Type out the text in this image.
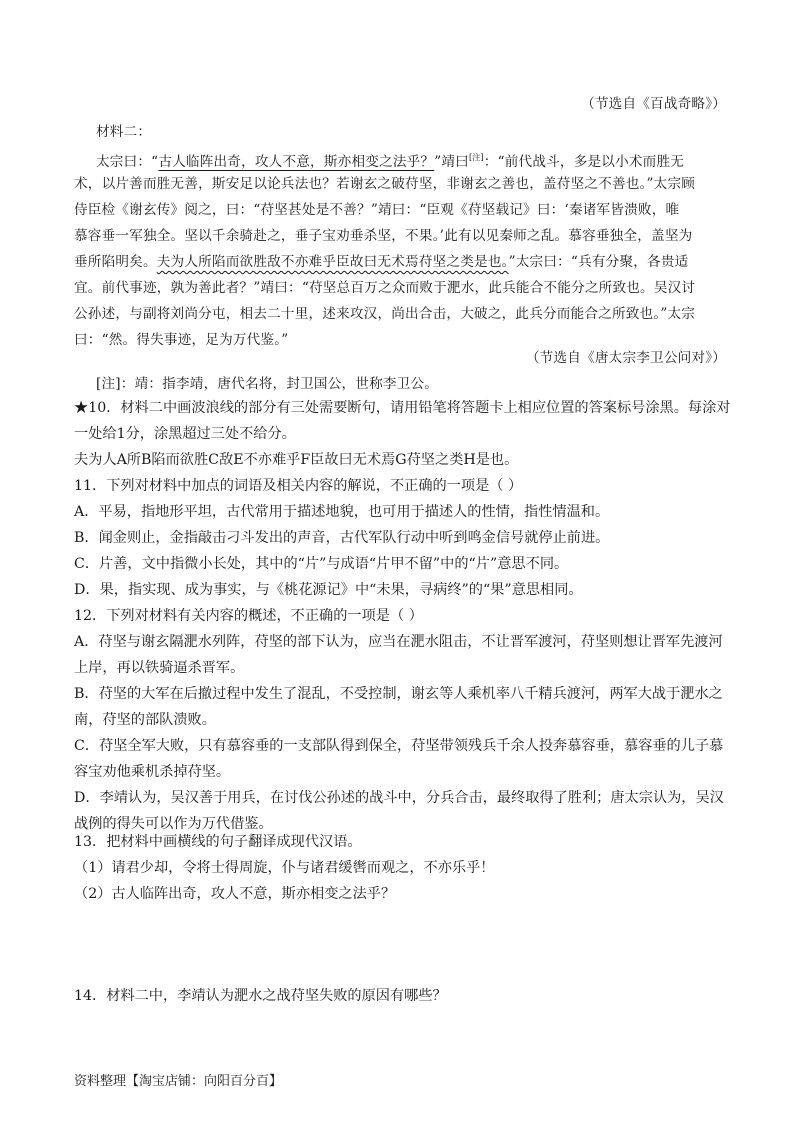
（节选自《百战奇略》）
材料二：
太宗曰：“古人临阵出奇，攻人不意，斯亦相变之法乎？”靖曰[注]：“前代战斗，多是以小术而胜无
术，以片善而胜无善，斯安足以论兵法也？若谢玄之破苻坚，非谢玄之善也，盖苻坚之不善也。”太宗顾
侍臣检《谢玄传》阅之，曰：“苻坚甚处是不善？”靖曰：“臣观《苻坚载记》曰：‘秦诸军皆溃败，唯
慕容垂一军独全。坚以千余骑赴之，垂子宝劝垂杀坚，不果。’此有以见秦师之乱。慕容垂独全，盖坚为
垂所陷明矣。夫为人所陷而欲胜敌不亦难乎臣故曰无术焉苻坚之类是也。”太宗曰：“兵有分聚，各贵适
宜。前代事迹，孰为善此者？”靖曰：“苻坚总百万之众而败于淝水，此兵能合不能分之所致也。吴汉讨
公孙述，与副将刘尚分屯，相去二十里，述来攻汉，尚出合击，大破之，此兵分而能合之所致也。”太宗
曰：“然。得失事迹，足为万代鉴。”
（节选自《唐太宗李卫公问对》）
[注]：靖：指李靖，唐代名将，封卫国公，世称李卫公。
★10．材料二中画波浪线的部分有三处需要断句，请用铅笔将答题卡上相应位置的答案标号涂黑。每涂对
一处给1分，涂黑超过三处不给分。
夫为人A所B陷而欲胜C敌E不亦难乎F臣故曰无术焉G苻坚之类H是也。
11．下列对材料中加点的词语及相关内容的解说，不正确的一项是（ ）
A．平易，指地形平坦，古代常用于描述地貌，也可用于描述人的性情，指性情温和。
B．闻金则止，金指敲击刁斗发出的声音，古代军队行动中听到鸣金信号就停止前进。
C．片善，文中指微小长处，其中的“片”与成语“片甲不留”中的“片”意思不同。
D．果，指实现、成为事实，与《桃花源记》中“未果，寻病终”的“果”意思相同。
12．下列对材料有关内容的概述，不正确的一项是（ ）
A．苻坚与谢玄隔淝水列阵，苻坚的部下认为，应当在淝水阻击，不让晋军渡河，苻坚则想让晋军先渡河
上岸，再以铁骑逼杀晋军。
B．苻坚的大军在后撤过程中发生了混乱，不受控制，谢玄等人乘机率八千精兵渡河，两军大战于淝水之
南，苻坚的部队溃败。
C．苻坚全军大败，只有慕容垂的一支部队得到保全，苻坚带领残兵千余人投奔慕容垂，慕容垂的儿子慕
容宝劝他乘机杀掉苻坚。
D．李靖认为，吴汉善于用兵，在讨伐公孙述的战斗中，分兵合击，最终取得了胜利；唐太宗认为，吴汉
战例的得失可以作为万代借鉴。
13．把材料中画横线的句子翻译成现代汉语。
（1）请君少却，令将士得周旋，仆与诸君缓辔而观之，不亦乐乎！
（2）古人临阵出奇，攻人不意，斯亦相变之法乎？
14．材料二中，李靖认为淝水之战苻坚失败的原因有哪些？
资料整理【淘宝店铺：向阳百分百】
